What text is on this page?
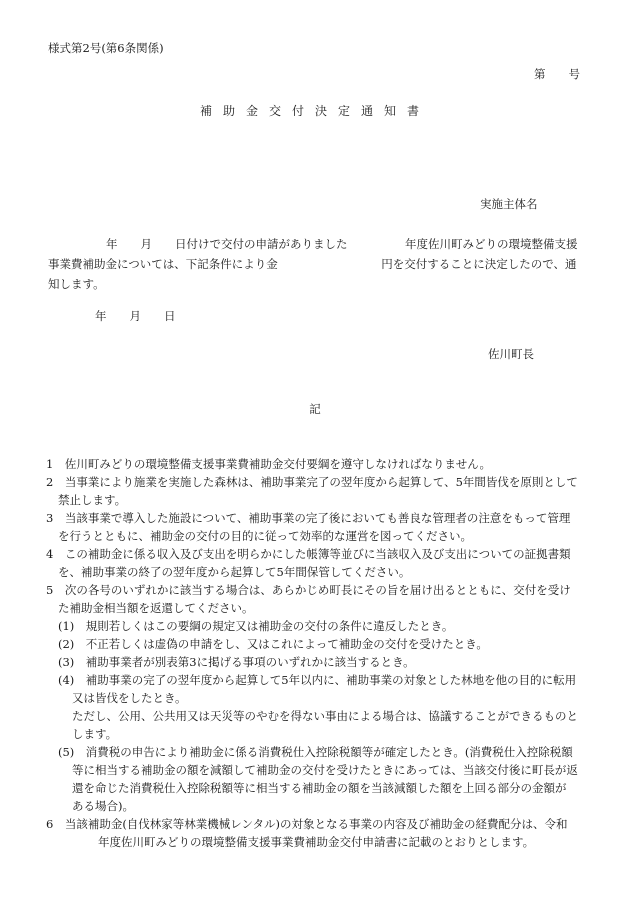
様式第2号(第6条関係)
第　　号
補助金交付決定通知書
実施主体名
年　　月　　日付けで交付の申請がありました　　　　　年度佐川町みどりの環境整備支援
事業費補助金については、下記条件により金　　　　　　　　　円を交付することに決定したので、通
知します。
年　　月　　日
佐川町長
記
1　佐川町みどりの環境整備支援事業費補助金交付要綱を遵守しなければなりません。
2　当事業により施業を実施した森林は、補助事業完了の翌年度から起算して、5年間皆伐を原則として
禁止します。
3　当該事業で導入した施設について、補助事業の完了後においても善良な管理者の注意をもって管理
を行うとともに、補助金の交付の目的に従って効率的な運営を図ってください。
4　この補助金に係る収入及び支出を明らかにした帳簿等並びに当該収入及び支出についての証拠書類
を、補助事業の終了の翌年度から起算して5年間保管してください。
5　次の各号のいずれかに該当する場合は、あらかじめ町長にその旨を届け出るとともに、交付を受け
た補助金相当額を返還してください。
(1)　規則若しくはこの要綱の規定又は補助金の交付の条件に違反したとき。
(2)　不正若しくは虚偽の申請をし、又はこれによって補助金の交付を受けたとき。
(3)　補助事業者が別表第3に掲げる事項のいずれかに該当するとき。
(4)　補助事業の完了の翌年度から起算して5年以内に、補助事業の対象とした林地を他の目的に転用
又は皆伐をしたとき。
ただし、公用、公共用又は天災等のやむを得ない事由による場合は、協議することができるものと
します。
(5)　消費税の申告により補助金に係る消費税仕入控除税額等が確定したとき。(消費税仕入控除税額
等に相当する補助金の額を減額して補助金の交付を受けたときにあっては、当該交付後に町長が返
還を命じた消費税仕入控除税額等に相当する補助金の額を当該減額した額を上回る部分の金額が
ある場合)。
6　当該補助金(自伐林家等林業機械レンタル)の対象となる事業の内容及び補助金の経費配分は、令和
年度佐川町みどりの環境整備支援事業費補助金交付申請書に記載のとおりとします。
